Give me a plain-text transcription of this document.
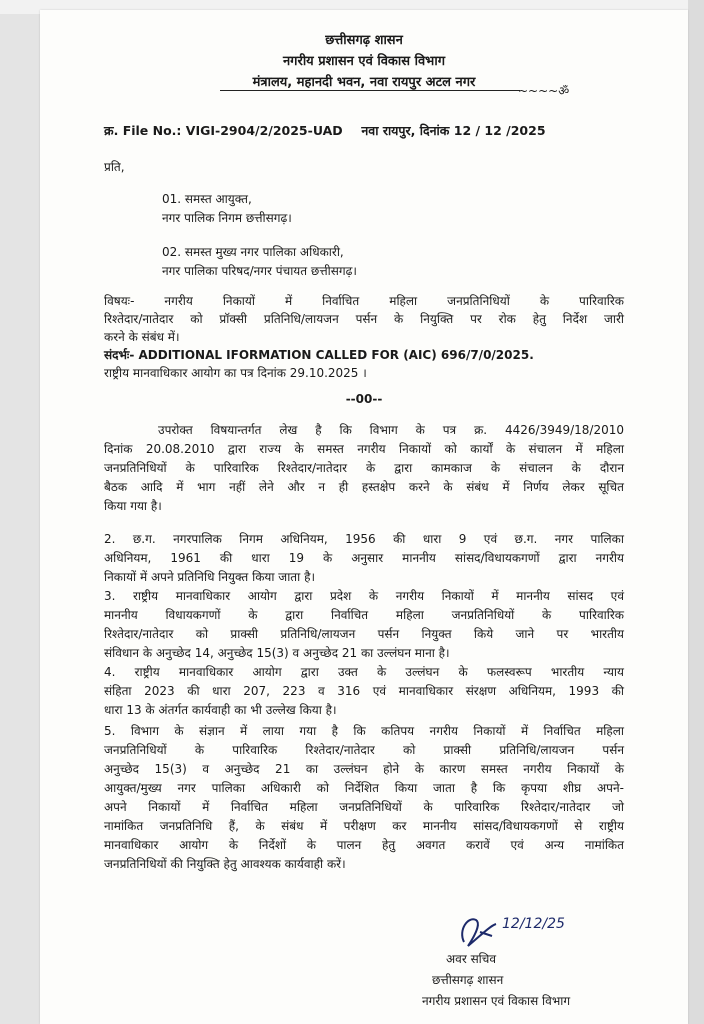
छत्तीसगढ़ शासन
नगरीय प्रशासन एवं विकास विभाग
मंत्रालय, महानदी भवन, नवा रायपुर अटल नगर
~~~~ॐ
क्र. File No.: VIGI-2904/2/2025-UAD नवा रायपुर, दिनांक 12 / 12 /2025
प्रति,
01. समस्त आयुक्त,
नगर पालिक निगम छत्तीसगढ़।
02. समस्त मुख्य नगर पालिका अधिकारी,
नगर पालिका परिषद/नगर पंचायत छत्तीसगढ़।
विषयः- नगरीय निकायों में निर्वाचित महिला जनप्रतिनिधियों के पारिवारिक
रिश्तेदार/नातेदार को प्रॉक्सी प्रतिनिधि/लायजन पर्सन के नियुक्ति पर रोक हेतु निर्देश जारी
करने के संबंध में।
संदर्भः- ADDITIONAL IFORMATION CALLED FOR (AIC) 696/7/0/2025.
राष्ट्रीय मानवाधिकार आयोग का पत्र दिनांक 29.10.2025 ।
--00--
उपरोक्त विषयान्तर्गत लेख है कि विभाग के पत्र क्र. 4426/3949/18/2010
दिनांक 20.08.2010 द्वारा राज्य के समस्त नगरीय निकायों को कार्यों के संचालन में महिला
जनप्रतिनिधियों के पारिवारिक रिश्तेदार/नातेदार के द्वारा कामकाज के संचालन के दौरान
बैठक आदि में भाग नहीं लेने और न ही हस्तक्षेप करने के संबंध में निर्णय लेकर सूचित
किया गया है।
2. छ.ग. नगरपालिक निगम अधिनियम, 1956 की धारा 9 एवं छ.ग. नगर पालिका
अधिनियम, 1961 की धारा 19 के अनुसार माननीय सांसद/विधायकगणों द्वारा नगरीय
निकायों में अपने प्रतिनिधि नियुक्त किया जाता है।
3. राष्ट्रीय मानवाधिकार आयोग द्वारा प्रदेश के नगरीय निकायों में माननीय सांसद एवं
माननीय विधायकगणों के द्वारा निर्वाचित महिला जनप्रतिनिधियों के पारिवारिक
रिश्तेदार/नातेदार को प्राक्सी प्रतिनिधि/लायजन पर्सन नियुक्त किये जाने पर भारतीय
संविधान के अनुच्छेद 14, अनुच्छेद 15(3) व अनुच्छेद 21 का उल्लंघन माना है।
4. राष्ट्रीय मानवाधिकार आयोग द्वारा उक्त के उल्लंघन के फलस्वरूप भारतीय न्याय
संहिता 2023 की धारा 207, 223 व 316 एवं मानवाधिकार संरक्षण अधिनियम, 1993 की
धारा 13 के अंतर्गत कार्यवाही का भी उल्लेख किया है।
5. विभाग के संज्ञान में लाया गया है कि कतिपय नगरीय निकायों में निर्वाचित महिला
जनप्रतिनिधियों के पारिवारिक रिश्तेदार/नातेदार को प्राक्सी प्रतिनिधि/लायजन पर्सन
अनुच्छेद 15(3) व अनुच्छेद 21 का उल्लंघन होने के कारण समस्त नगरीय निकायों के
आयुक्त/मुख्य नगर पालिका अधिकारी को निर्देशित किया जाता है कि कृपया शीघ्र अपने-
अपने निकायों में निर्वाचित महिला जनप्रतिनिधियों के पारिवारिक रिश्तेदार/नातेदार जो
नामांकित जनप्रतिनिधि हैं, के संबंध में परीक्षण कर माननीय सांसद/विधायकगणों से राष्ट्रीय
मानवाधिकार आयोग के निर्देशों के पालन हेतु अवगत करावें एवं अन्य नामांकित
जनप्रतिनिधियों की नियुक्ति हेतु आवश्यक कार्यवाही करें।
12/12/25
अवर सचिव
छत्तीसगढ़ शासन
नगरीय प्रशासन एवं विकास विभाग
